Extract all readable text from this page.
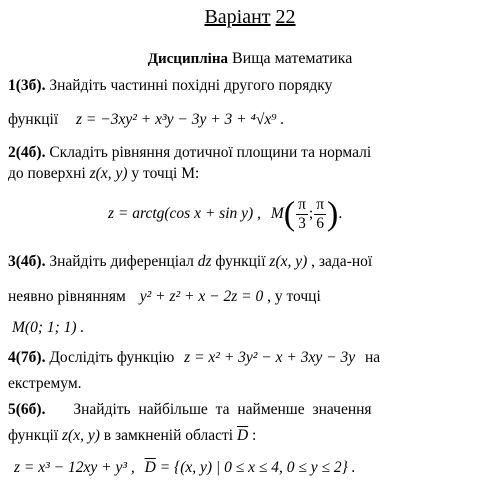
Варіант 22
Дисципліна Вища математика
1(3б). Знайдіть частинні похідні другого порядку
функції z = −3xy² + x³y − 3y + 3 + ⁴√x⁹ .
2(4б). Складіть рівняння дотичної площини та нормалі
до поверхні z(x, y) у точці M:
z = arctg(cos x + sin y) , $M( \frac{\pi}{3}$ ; $\frac{\pi}{6}$ ).
3(4б). Знайдіть диференціал dz функції z(x, y) , зада-ної
неявно рівнянням y² + z² + x − 2z = 0 , у точці
M(0; 1; 1) .
4(7б). Дослідіть функцію z = x² + 3y² − x + 3xy − 3y на
екстремум.
5(6б). Знайдіть найбільше та найменше значення
функції z(x, y) в замкненій області $\overline{D}$ :
z = x³ − 12xy + y³ , $\overline{D} = \{(x$, y) | 0 ≤ x ≤ 4, 0 ≤ y ≤ 2} .
